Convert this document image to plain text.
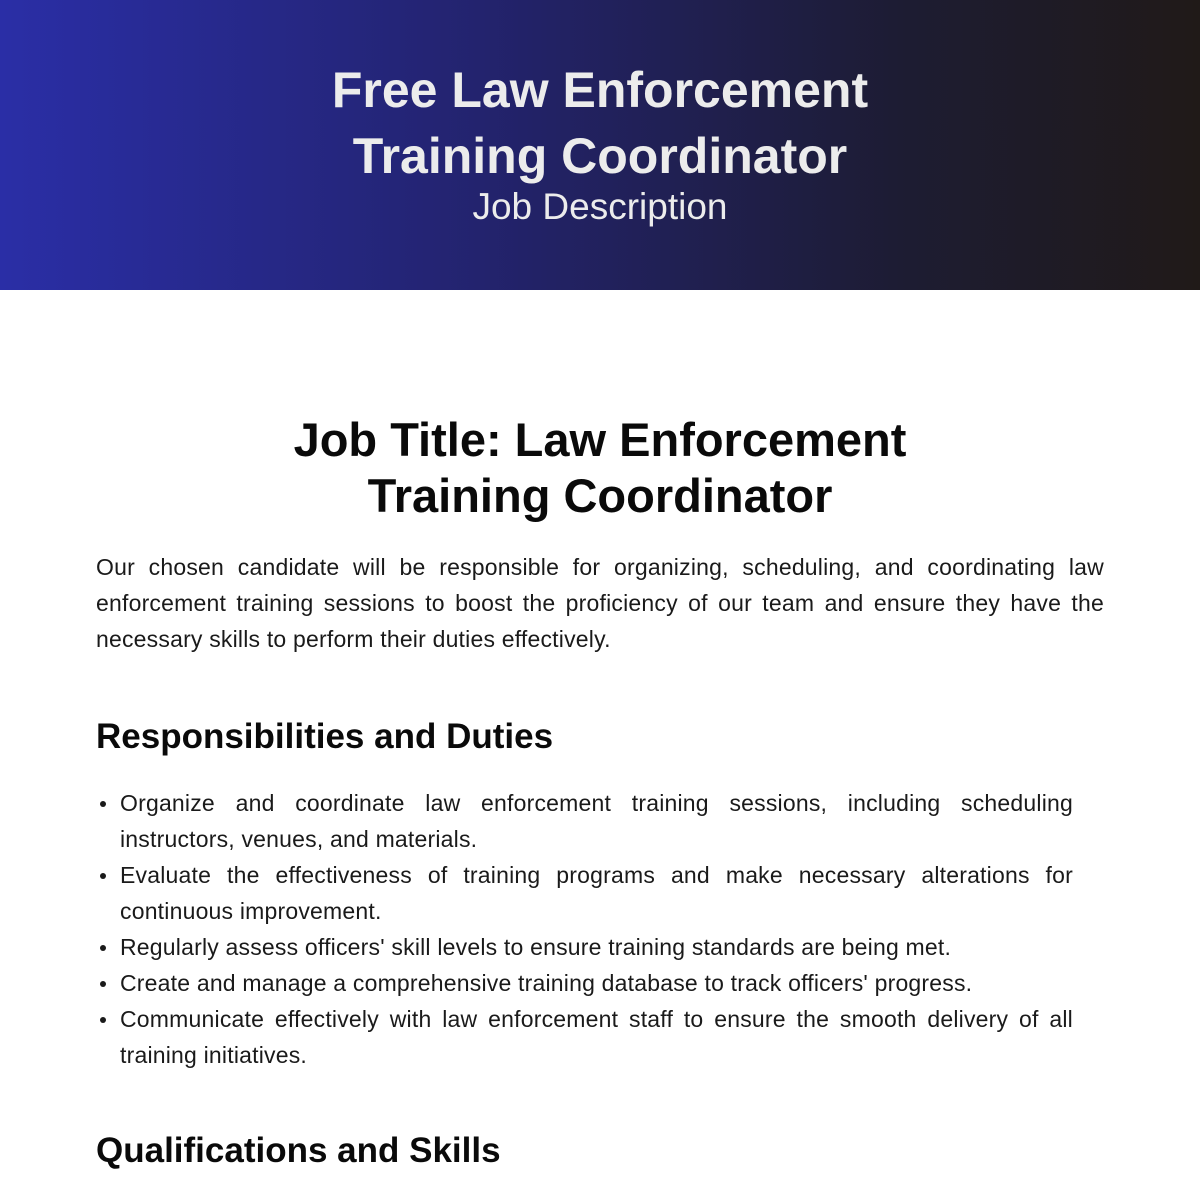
Free Law Enforcement Training Coordinator
Job Description
Job Title: Law Enforcement Training Coordinator

Our chosen candidate will be responsible for organizing, scheduling, and coordinating law enforcement training sessions to boost the proficiency of our team and ensure they have the necessary skills to perform their duties effectively.

Responsibilities and Duties
Organize and coordinate law enforcement training sessions, including scheduling instructors, venues, and materials.
Evaluate the effectiveness of training programs and make necessary alterations for continuous improvement.
Regularly assess officers' skill levels to ensure training standards are being met.
Create and manage a comprehensive training database to track officers' progress.
Communicate effectively with law enforcement staff to ensure the smooth delivery of all training initiatives.
Qualifications and Skills
